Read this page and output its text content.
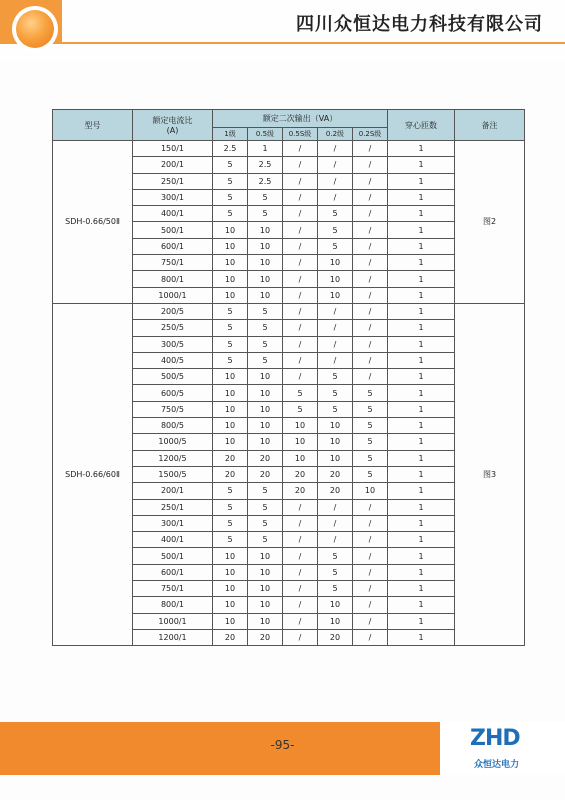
四川众恒达电力科技有限公司
型号	额定电流比
(A)	额定二次输出（VA）					穿心匝数	备注
		1级	0.5级	0.5S级	0.2级	0.2S级		
SDH-0.66/50Ⅱ	150/1	2.5	1	/	/	/	1	图2
	200/1	5	2.5	/	/	/	1	
	250/1	5	2.5	/	/	/	1	
	300/1	5	5	/	/	/	1	
	400/1	5	5	/	5	/	1	
	500/1	10	10	/	5	/	1	
	600/1	10	10	/	5	/	1	
	750/1	10	10	/	10	/	1	
	800/1	10	10	/	10	/	1	
	1000/1	10	10	/	10	/	1	
SDH-0.66/60Ⅱ	200/5	5	5	/	/	/	1	图3
	250/5	5	5	/	/	/	1	
	300/5	5	5	/	/	/	1	
	400/5	5	5	/	/	/	1	
	500/5	10	10	/	5	/	1	
	600/5	10	10	5	5	5	1	
	750/5	10	10	5	5	5	1	
	800/5	10	10	10	10	5	1	
	1000/5	10	10	10	10	5	1	
	1200/5	20	20	10	10	5	1	
	1500/5	20	20	20	20	5	1	
	200/1	5	5	20	20	10	1	
	250/1	5	5	/	/	/	1	
	300/1	5	5	/	/	/	1	
	400/1	5	5	/	/	/	1	
	500/1	10	10	/	5	/	1	
	600/1	10	10	/	5	/	1	
	750/1	10	10	/	5	/	1	
	800/1	10	10	/	10	/	1	
	1000/1	10	10	/	10	/	1	
	1200/1	20	20	/	20	/	1	
-95-	ZHD
众恒达电力
